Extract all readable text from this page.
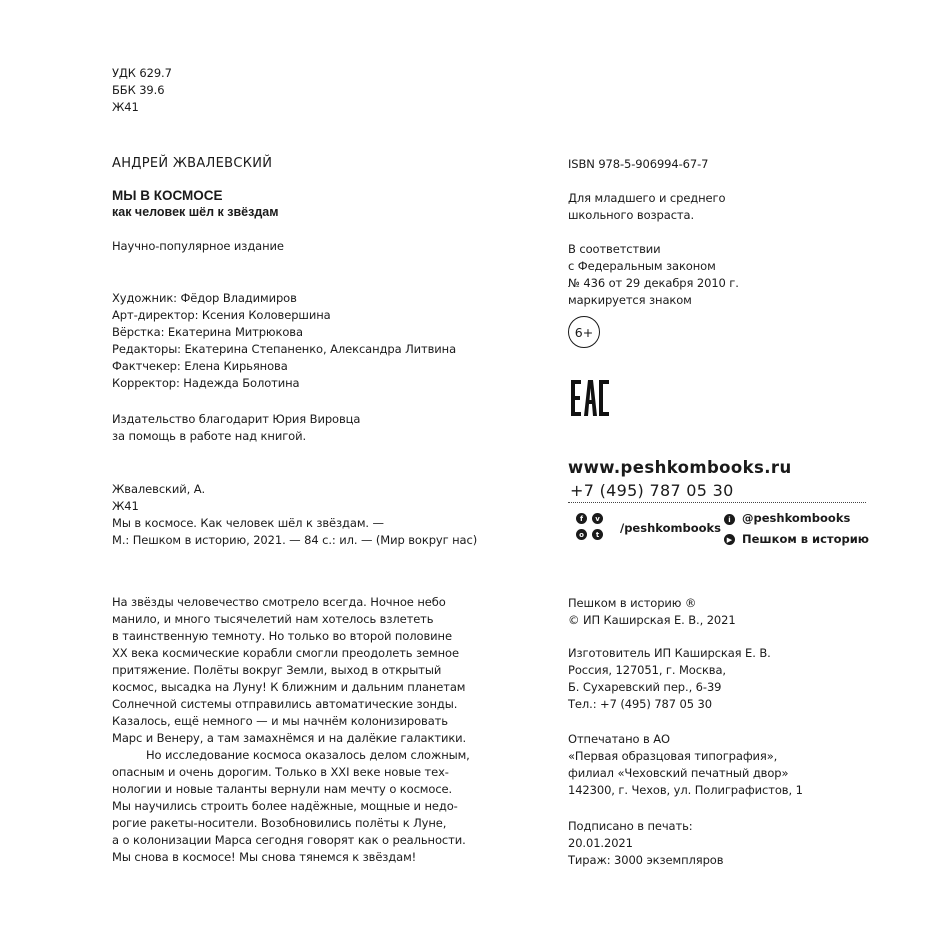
УДК 629.7
ББК 39.6
Ж41
АНДРЕЙ ЖВАЛЕВСКИЙ
МЫ В КОСМОСЕ
как человек шёл к звёздам
Научно-популярное издание
Художник: Фёдор Владимиров
Арт-директор: Ксения Коловершина
Вёрстка: Екатерина Митрюкова
Редакторы: Екатерина Степаненко, Александра Литвина
Фактчекер: Елена Кирьянова
Корректор: Надежда Болотина
Издательство благодарит Юрия Вировца
за помощь в работе над книгой.
Жвалевский, А.
Ж41
Мы в космосе. Как человек шёл к звёздам. —
М.: Пешком в историю, 2021. — 84 с.: ил. — (Мир вокруг нас)
На звёзды человечество смотрело всегда. Ночное небо
манило, и много тысячелетий нам хотелось взлететь
в таинственную темноту. Но только во второй половине
XX века космические корабли смогли преодолеть земное
притяжение. Полёты вокруг Земли, выход в открытый
космос, высадка на Луну! К ближним и дальним планетам
Солнечной системы отправились автоматические зонды.
Казалось, ещё немного — и мы начнём колонизировать
Марс и Венеру, а там замахнёмся и на далёкие галактики.
Но исследование космоса оказалось делом сложным,
опасным и очень дорогим. Только в XXI веке новые тех-
нологии и новые таланты вернули нам мечту о космосе.
Мы научились строить более надёжные, мощные и недо-
рогие ракеты-носители. Возобновились полёты к Луне,
а о колонизации Марса сегодня говорят как о реальности.
Мы снова в космосе! Мы снова тянемся к звёздам!
ISBN 978-5-906994-67-7
Для младшего и среднего
школьного возраста.
В соответствии
с Федеральным законом
№ 436 от 29 декабря 2010 г.
маркируется знаком
6+
www.peshkombooks.ru
+7 (495) 787 05 30
f	v
o	t	/peshkombooks
i @peshkombooks
▶ Пешком в историю
Пешком в историю ®
© ИП Каширская Е. В., 2021
Изготовитель ИП Каширская Е. В.
Россия, 127051, г. Москва,
Б. Сухаревский пер., 6-39
Тел.: +7 (495) 787 05 30
Отпечатано в АО
«Первая образцовая типография»,
филиал «Чеховский печатный двор»
142300, г. Чехов, ул. Полиграфистов, 1
Подписано в печать:
20.01.2021
Тираж: 3000 экземпляров
